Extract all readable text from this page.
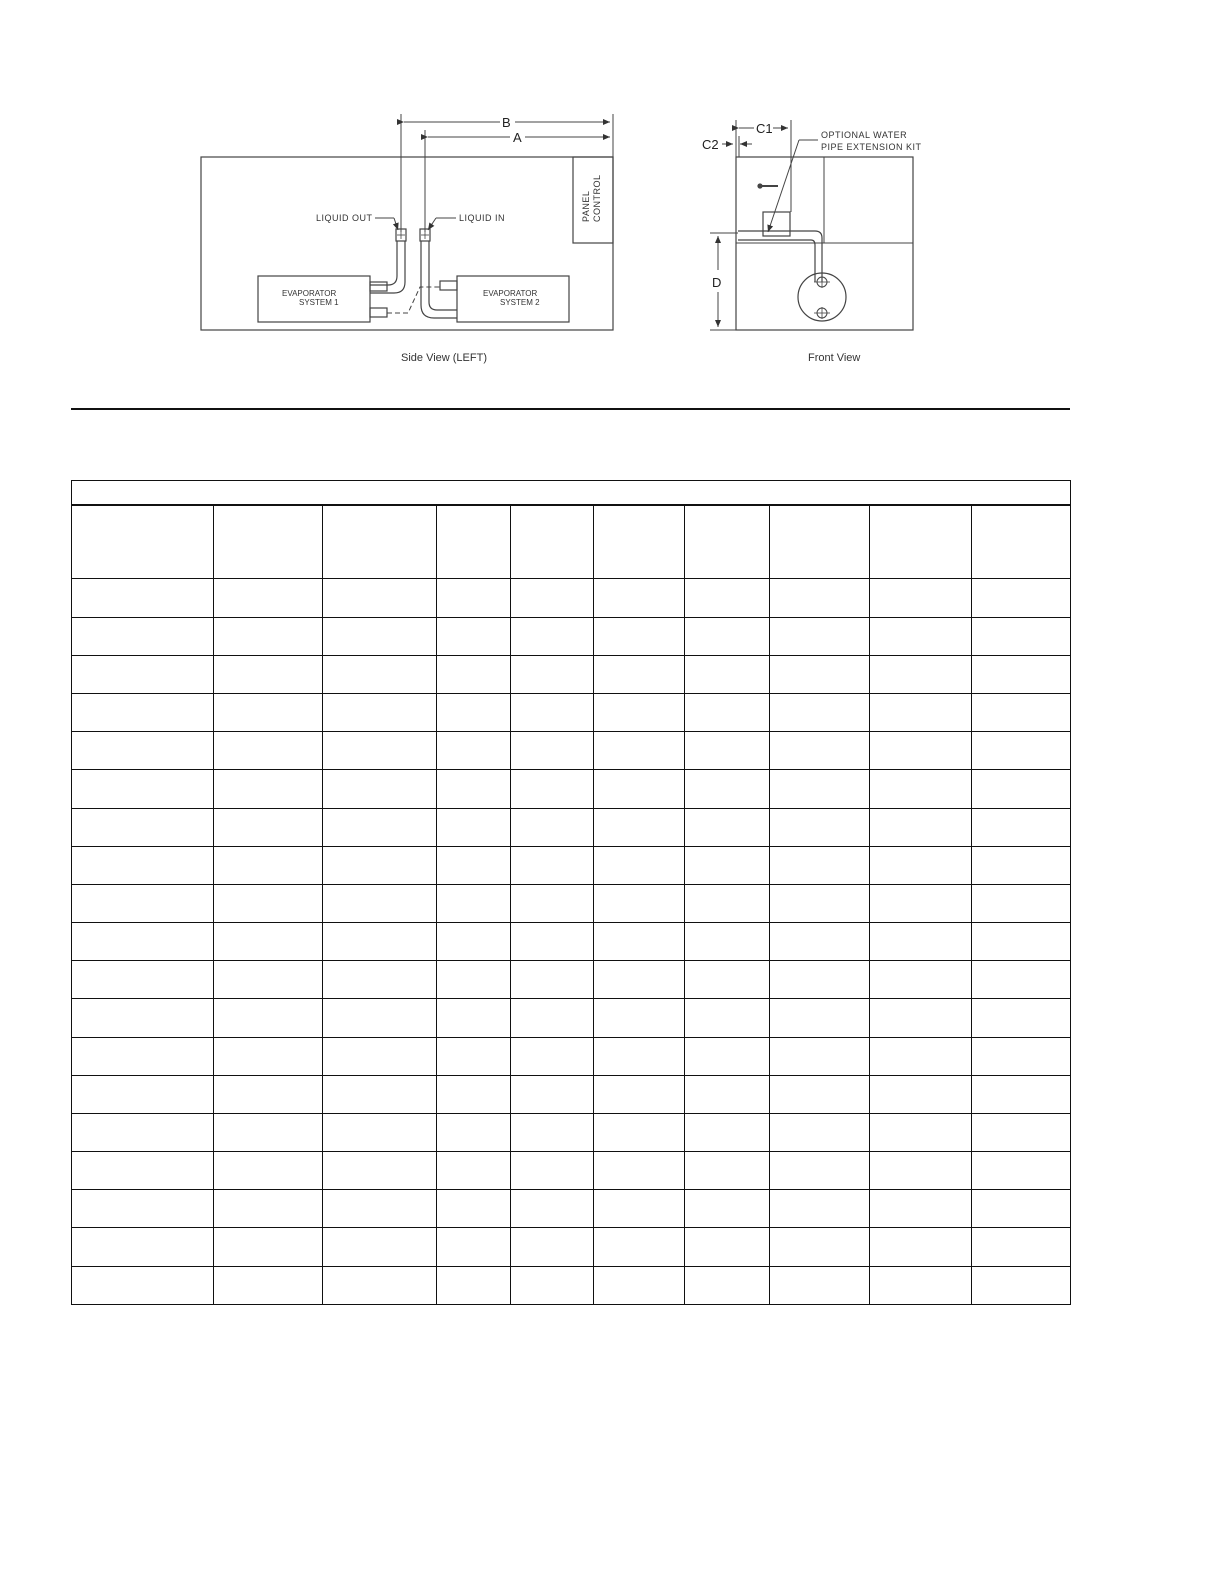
B
A
LIQUID OUT	LIQUID IN	PANEL CONTROL
EVAPORATOR
SYSTEM 1
EVAPORATOR
SYSTEM 2
Side View (LEFT)
C1
C2
D
OPTIONAL WATER
PIPE EXTENSION KIT
Front View
